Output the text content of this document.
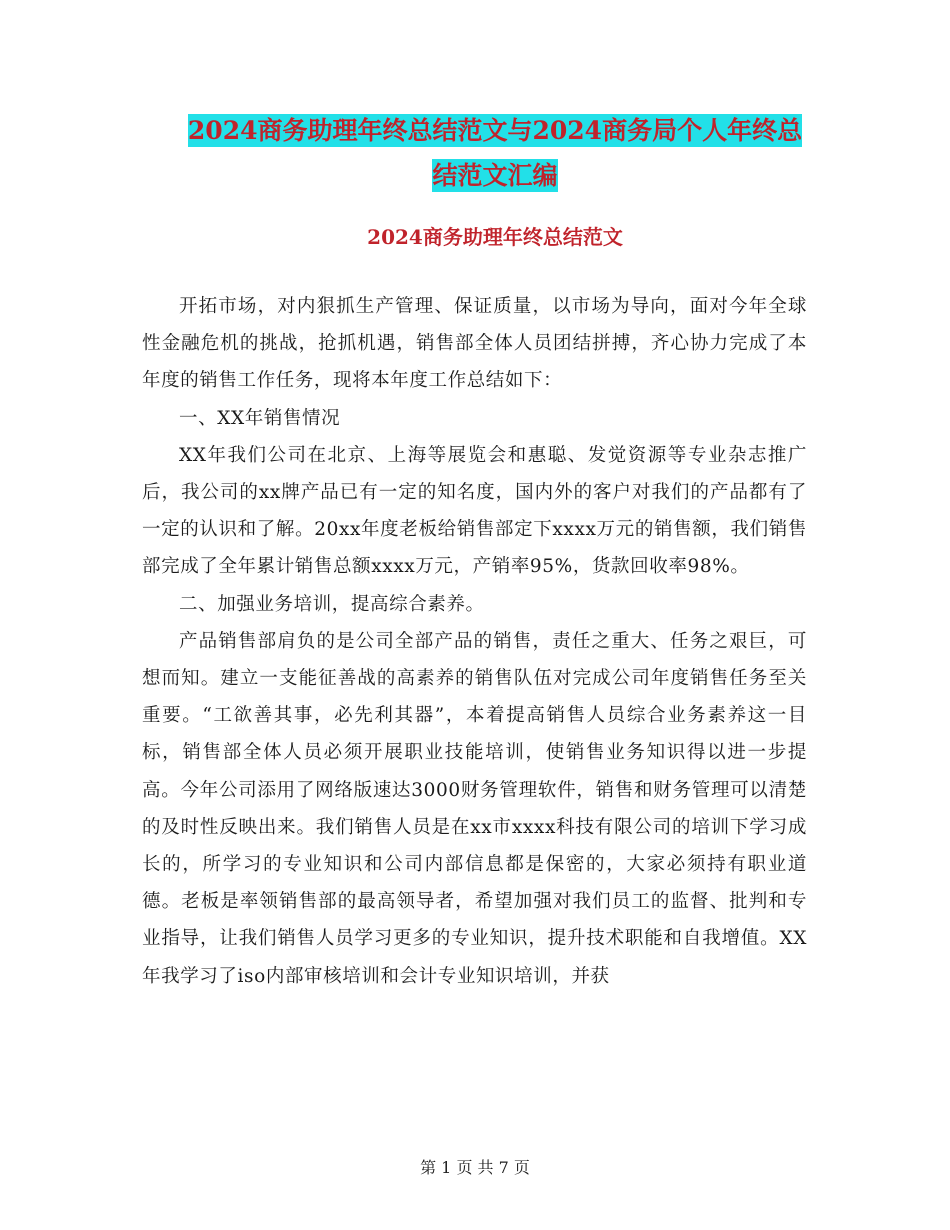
2024商务助理年终总结范文与2024商务局个人年终总
结范文汇编
2024商务助理年终总结范文

开拓市场，对内狠抓生产管理、保证质量，以市场为导向，面对今年全球性金融危机的挑战，抢抓机遇，销售部全体人员团结拼搏，齐心协力完成了本年度的销售工作任务，现将本年度工作总结如下：

一、XX年销售情况

XX年我们公司在北京、上海等展览会和惠聪、发觉资源等专业杂志推广后，我公司的xx牌产品已有一定的知名度，国内外的客户对我们的产品都有了一定的认识和了解。20xx年度老板给销售部定下xxxx万元的销售额，我们销售部完成了全年累计销售总额xxxx万元，产销率95%，货款回收率98%。

二、加强业务培训，提高综合素养。

产品销售部肩负的是公司全部产品的销售，责任之重大、任务之艰巨，可想而知。建立一支能征善战的高素养的销售队伍对完成公司年度销售任务至关重要。“工欲善其事，必先利其器”，本着提高销售人员综合业务素养这一目标，销售部全体人员必须开展职业技能培训，使销售业务知识得以进一步提高。今年公司添用了网络版速达3000财务管理软件，销售和财务管理可以清楚的及时性反映出来。我们销售人员是在xx市xxxx科技有限公司的培训下学习成长的，所学习的专业知识和公司内部信息都是保密的，大家必须持有职业道德。老板是率领销售部的最高领导者，希望加强对我们员工的监督、批判和专业指导，让我们销售人员学习更多的专业知识，提升技术职能和自我增值。XX年我学习了iso内部审核培训和会计专业知识培训，并获

第 1 页 共 7 页
